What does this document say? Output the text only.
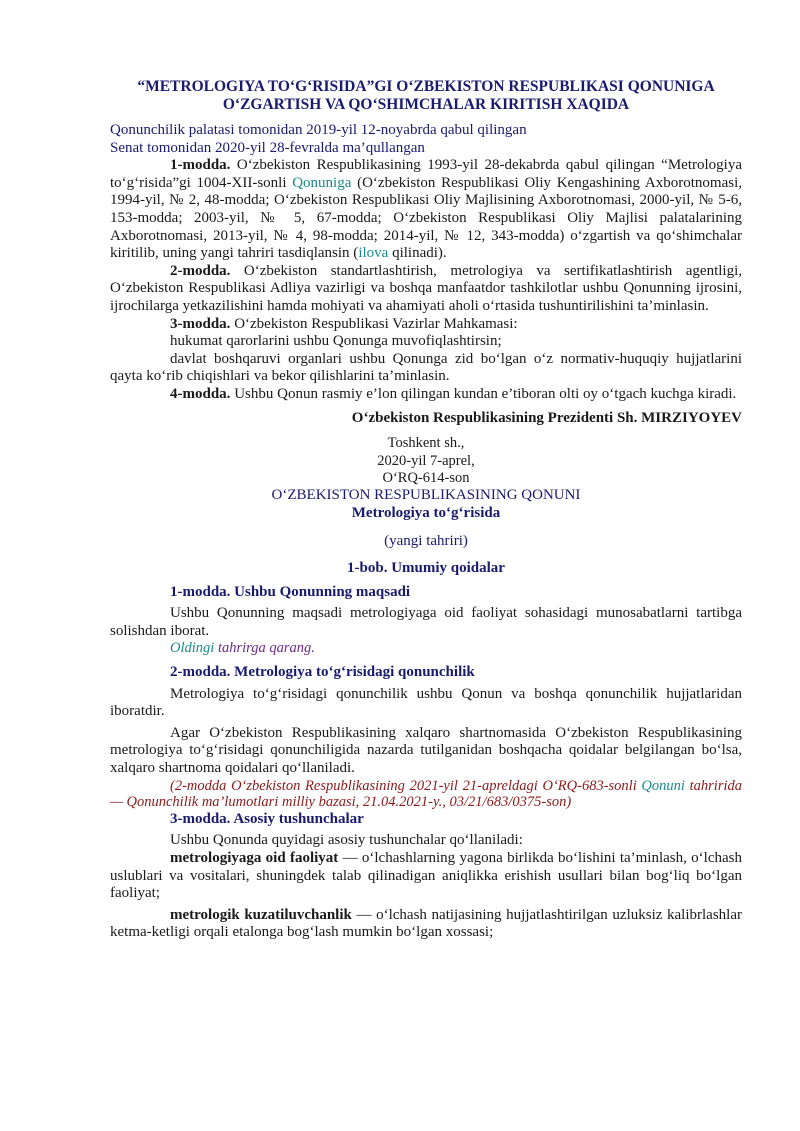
“METROLOGIYA TO‘G‘RISIDA”GI O‘ZBEKISTON RESPUBLIKASI QONUNIGA
O‘ZGARTISH VA QO‘SHIMCHALAR KIRITISH XAQIDA
Qonunchilik palatasi tomonidan 2019-yil 12-noyabrda qabul qilingan
Senat tomonidan 2020-yil 28-fevralda ma’qullangan

1-modda. O‘zbekiston Respublikasining 1993-yil 28-dekabrda qabul qilingan “Metrologiya to‘g‘risida”gi 1004-XII-sonli Qonuniga (O‘zbekiston Respublikasi Oliy Kengashining Axborotnomasi, 1994-yil, № 2, 48-modda; O‘zbekiston Respublikasi Oliy Majlisining Axborotnomasi, 2000-yil, № 5-6, 153-modda; 2003-yil, № 5, 67-modda; O‘zbekiston Respublikasi Oliy Majlisi palatalarining Axborotnomasi, 2013-yil, № 4, 98-modda; 2014-yil, № 12, 343-modda) o‘zgartish va qo‘shimchalar kiritilib, uning yangi tahriri tasdiqlansin (ilova qilinadi).

2-modda. O‘zbekiston standartlashtirish, metrologiya va sertifikatlashtirish agentligi, O‘zbekiston Respublikasi Adliya vazirligi va boshqa manfaatdor tashkilotlar ushbu Qonunning ijrosini, ijrochilarga yetkazilishini hamda mohiyati va ahamiyati aholi o‘rtasida tushuntirilishini ta’minlasin.

3-modda. O‘zbekiston Respublikasi Vazirlar Mahkamasi:

hukumat qarorlarini ushbu Qonunga muvofiqlashtirsin;

davlat boshqaruvi organlari ushbu Qonunga zid bo‘lgan o‘z normativ-huquqiy hujjatlarini qayta ko‘rib chiqishlari va bekor qilishlarini ta’minlasin.

4-modda. Ushbu Qonun rasmiy e’lon qilingan kundan e’tiboran olti oy o‘tgach kuchga kiradi.

O‘zbekiston Respublikasining Prezidenti Sh. MIRZIYOYEV

Toshkent sh.,
2020-yil 7-aprel,
O‘RQ-614-son
O‘ZBEKISTON RESPUBLIKASINING QONUNI
Metrologiya to‘g‘risida
(yangi tahriri)
1-bob. Umumiy qoidalar
1-modda. Ushbu Qonunning maqsadi

Ushbu Qonunning maqsadi metrologiyaga oid faoliyat sohasidagi munosabatlarni tartibga solishdan iborat.

Oldingi tahrirga qarang.

2-modda. Metrologiya to‘g‘risidagi qonunchilik

Metrologiya to‘g‘risidagi qonunchilik ushbu Qonun va boshqa qonunchilik hujjatlaridan iboratdir.

Agar O‘zbekiston Respublikasining xalqaro shartnomasida O‘zbekiston Respublikasining metrologiya to‘g‘risidagi qonunchiligida nazarda tutilganidan boshqacha qoidalar belgilangan bo‘lsa, xalqaro shartnoma qoidalari qo‘llaniladi.

(2-modda O‘zbekiston Respublikasining 2021-yil 21-apreldagi O‘RQ-683-sonli Qonuni tahririda — Qonunchilik ma’lumotlari milliy bazasi, 21.04.2021-y., 03/21/683/0375-son)

3-modda. Asosiy tushunchalar

Ushbu Qonunda quyidagi asosiy tushunchalar qo‘llaniladi:

metrologiyaga oid faoliyat — o‘lchashlarning yagona birlikda bo‘lishini ta’minlash, o‘lchash uslublari va vositalari, shuningdek talab qilinadigan aniqlikka erishish usullari bilan bog‘liq bo‘lgan faoliyat;

metrologik kuzatiluvchanlik — o‘lchash natijasining hujjatlashtirilgan uzluksiz kalibrlashlar ketma-ketligi orqali etalonga bog‘lash mumkin bo‘lgan xossasi;
